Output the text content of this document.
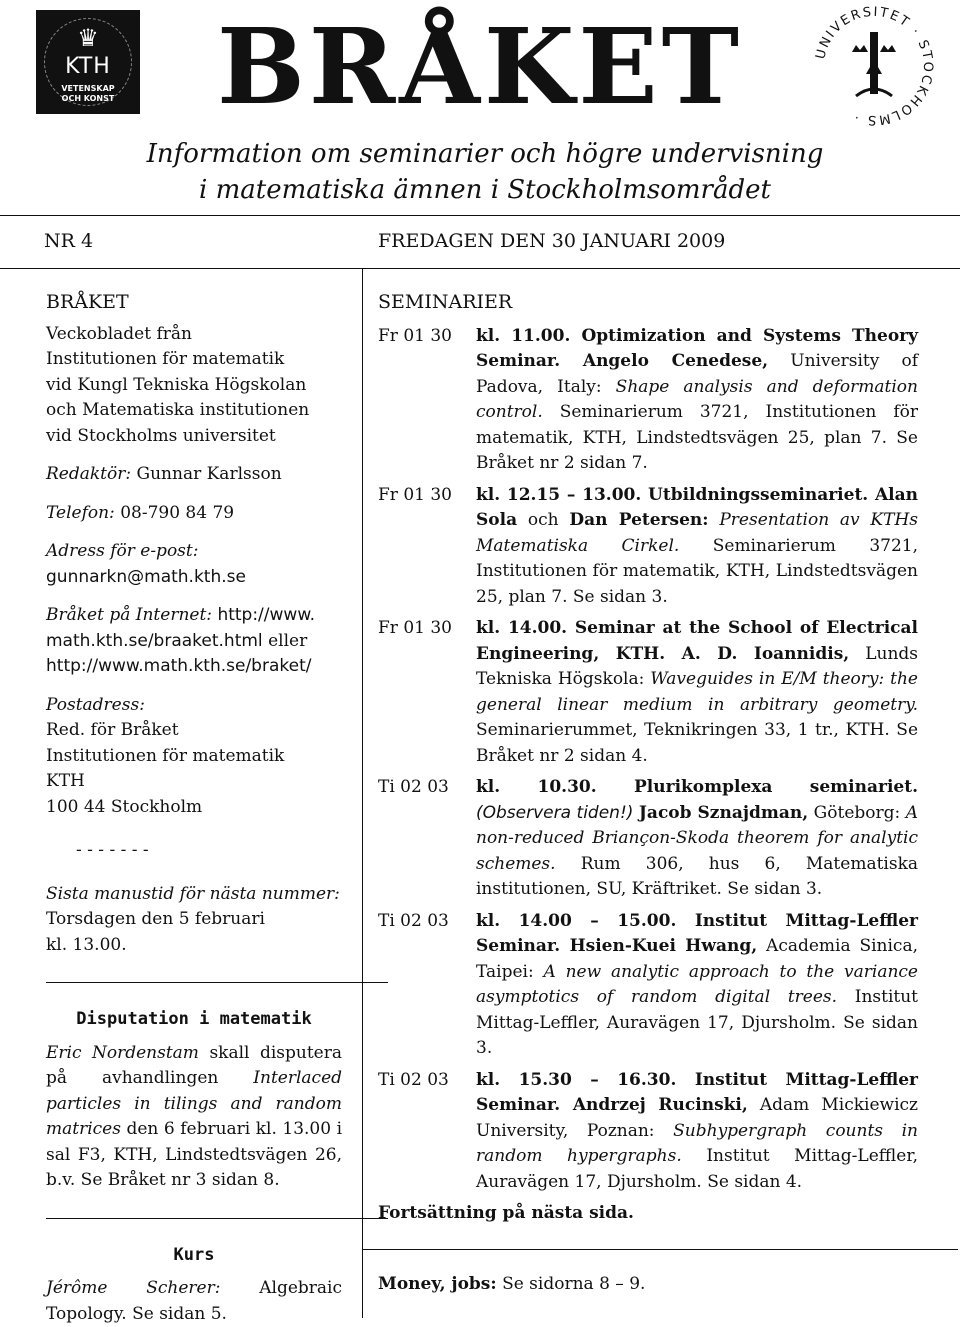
♛
KTH
VETENSKAP
OCH KONST BRÅKET	UNIVERSITET · STOCKHOLMS ·
Information om seminarier och högre undervisning
i matematiska ämnen i Stockholmsområdet
NR 4	FREDAGEN DEN 30 JANUARI 2009
BRÅKET
Veckobladet från
Institutionen för matematik
vid Kungl Tekniska Högskolan
och Matematiska institutionen
vid Stockholms universitet
Redaktör: Gunnar Karlsson
Telefon: 08-790 84 79
Adress för e-post:
gunnarkn@math.kth.se
Bråket på Internet: http://www.
math.kth.se/braaket.html eller
http://www.math.kth.se/braket/
Postadress:
Red. för Bråket
Institutionen för matematik
KTH
100 44 Stockholm
- - - - - - -
Sista manustid för nästa nummer:
Torsdagen den 5 februari
kl. 13.00.
Disputation i matematik
Eric Nordenstam skall disputera på avhandlingen Interlaced particles in tilings and random matrices den 6 februari kl. 13.00 i sal F3, KTH, Lindstedtsvägen 26, b.v. Se Bråket nr 3 sidan 8.
Kurs
Jérôme Scherer: Algebraic Topology. Se sidan 5.
SEMINARIER
Fr 01 30	kl. 11.00. Optimization and Systems Theory Seminar. Angelo Cenedese, University of Padova, Italy: Shape analysis and deformation control. Seminarierum 3721, Institutionen för matematik, KTH, Lindstedtsvägen 25, plan 7. Se Bråket nr 2 sidan 7.
Fr 01 30	kl. 12.15 – 13.00. Utbildningsseminariet. Alan Sola och Dan Petersen: Presentation av KTHs Matematiska Cirkel. Seminarierum 3721, Institutionen för matematik, KTH, Lindstedtsvägen 25, plan 7. Se sidan 3.
Fr 01 30	kl. 14.00. Seminar at the School of Electrical Engineering, KTH. A. D. Ioannidis, Lunds Tekniska Högskola: Waveguides in E/M theory: the general linear medium in arbitrary geometry. Seminarierummet, Teknikringen 33, 1 tr., KTH. Se Bråket nr 2 sidan 4.
Ti 02 03	kl. 10.30. Plurikomplexa seminariet. (Observera tiden!) Jacob Sznajdman, Göteborg: A non-reduced Briançon-Skoda theorem for analytic schemes. Rum 306, hus 6, Matematiska institutionen, SU, Kräftriket. Se sidan 3.
Ti 02 03	kl. 14.00 – 15.00. Institut Mittag-Leffler Seminar. Hsien-Kuei Hwang, Academia Sinica, Taipei: A new analytic approach to the variance asymptotics of random digital trees. Institut Mittag-Leffler, Auravägen 17, Djursholm. Se sidan 3.
Ti 02 03	kl. 15.30 – 16.30. Institut Mittag-Leffler Seminar. Andrzej Rucinski, Adam Mickiewicz University, Poznan: Subhypergraph counts in random hypergraphs. Institut Mittag-Leffler, Auravägen 17, Djursholm. Se sidan 4.
Fortsättning på nästa sida.
Money, jobs: Se sidorna 8 – 9.
